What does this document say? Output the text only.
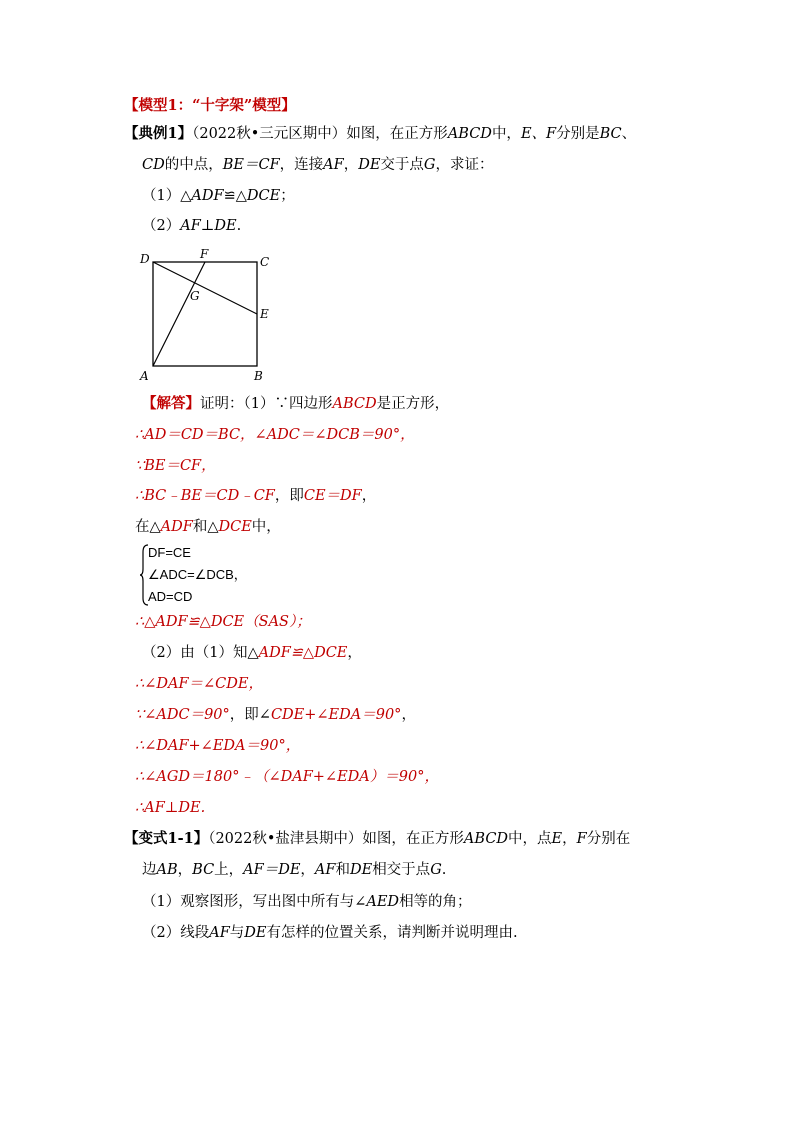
【模型1：“十字架”模型】
【典例1】（2022秋•三元区期中）如图，在正方形ABCD中，E、F分别是BC、
CD的中点，BE＝CF，连接AF，DE交于点G，求证：
（1）△ADF≌△DCE；
（2）AF⊥DE.
D	F
C
G
E
A	B
【解答】证明：（1）∵四边形ABCD是正方形，
∴AD＝CD＝BC，∠ADC＝∠DCB＝90°，
∵BE＝CF，
∴BC﹣BE＝CD﹣CF，即CE＝DF，
在△ADF和△DCE中，
DF=CE
∠ADC=∠DCB，
AD=CD
∴△ADF≌△DCE（SAS）；
（2）由（1）知△ADF≌△DCE，
∴∠DAF＝∠CDE，
∵∠ADC＝90°，即∠CDE+∠EDA＝90°，
∴∠DAF+∠EDA＝90°，
∴∠AGD＝180°﹣（∠DAF+∠EDA）＝90°，
∴AF⊥DE.
【变式1-1】（2022秋•盐津县期中）如图，在正方形ABCD中，点E，F分别在
边AB，BC上，AF＝DE，AF和DE相交于点G.
（1）观察图形，写出图中所有与∠AED相等的角；
（2）线段AF与DE有怎样的位置关系，请判断并说明理由.
